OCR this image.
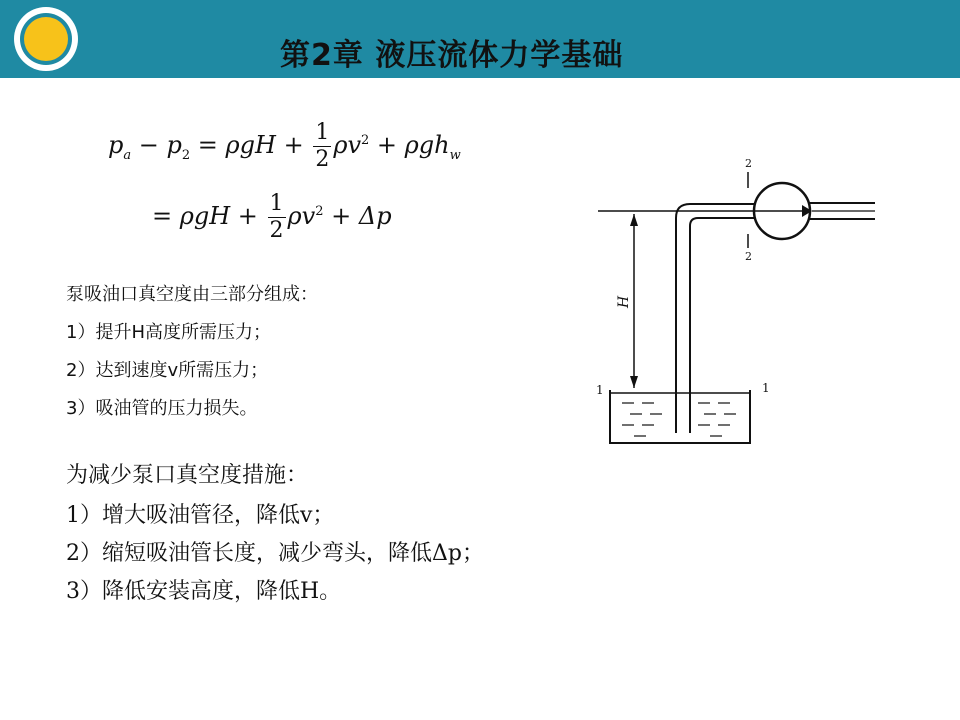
第2章 液压流体力学基础
$p_a - p_2 = \rho gH + \frac{1}{2} \rho v^2 + \rho gh_w$
= $\rho gH + \frac{1}{2} \rho v^2 + \Delta p$
泵吸油口真空度由三部分组成：
1）提升H高度所需压力；
2）达到速度v所需压力；
3）吸油管的压力损失。
为减少泵口真空度措施：
1）增大吸油管径，降低v；
2）缩短吸油管长度，减少弯头，降低Δp；
3）降低安装高度，降低H。
2
2
H
1	1
